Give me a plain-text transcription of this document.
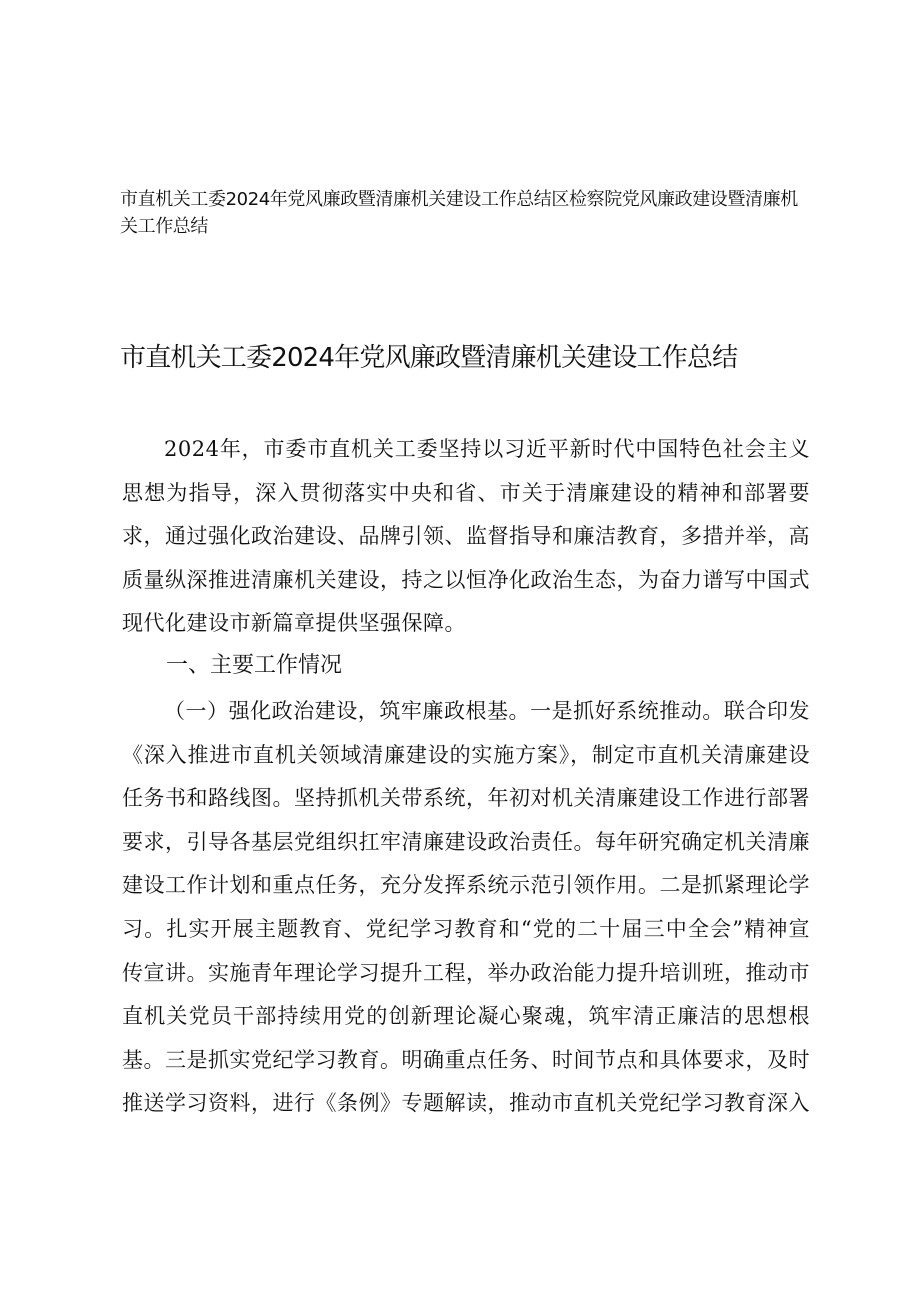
市直机关工委2024年党风廉政暨清廉机关建设工作总结区检察院党风廉政建设暨清廉机关工作总结

市直机关工委2024年党风廉政暨清廉机关建设工作总结

2024年，市委市直机关工委坚持以习近平新时代中国特色社会主义思想为指导，深入贯彻落实中央和省、市关于清廉建设的精神和部署要求，通过强化政治建设、品牌引领、监督指导和廉洁教育，多措并举，高质量纵深推进清廉机关建设，持之以恒净化政治生态，为奋力谱写中国式现代化建设市新篇章提供坚强保障。

一、主要工作情况

（一）强化政治建设，筑牢廉政根基。一是抓好系统推动。联合印发《深入推进市直机关领域清廉建设的实施方案》，制定市直机关清廉建设任务书和路线图。坚持抓机关带系统，年初对机关清廉建设工作进行部署要求，引导各基层党组织扛牢清廉建设政治责任。每年研究确定机关清廉建设工作计划和重点任务，充分发挥系统示范引领作用。二是抓紧理论学习。扎实开展主题教育、党纪学习教育和“党的二十届三中全会”精神宣传宣讲。实施青年理论学习提升工程，举办政治能力提升培训班，推动市直机关党员干部持续用党的创新理论凝心聚魂，筑牢清正廉洁的思想根基。三是抓实党纪学习教育。明确重点任务、时间节点和具体要求，及时推送学习资料，进行《条例》专题解读，推动市直机关党纪学习教育深入
